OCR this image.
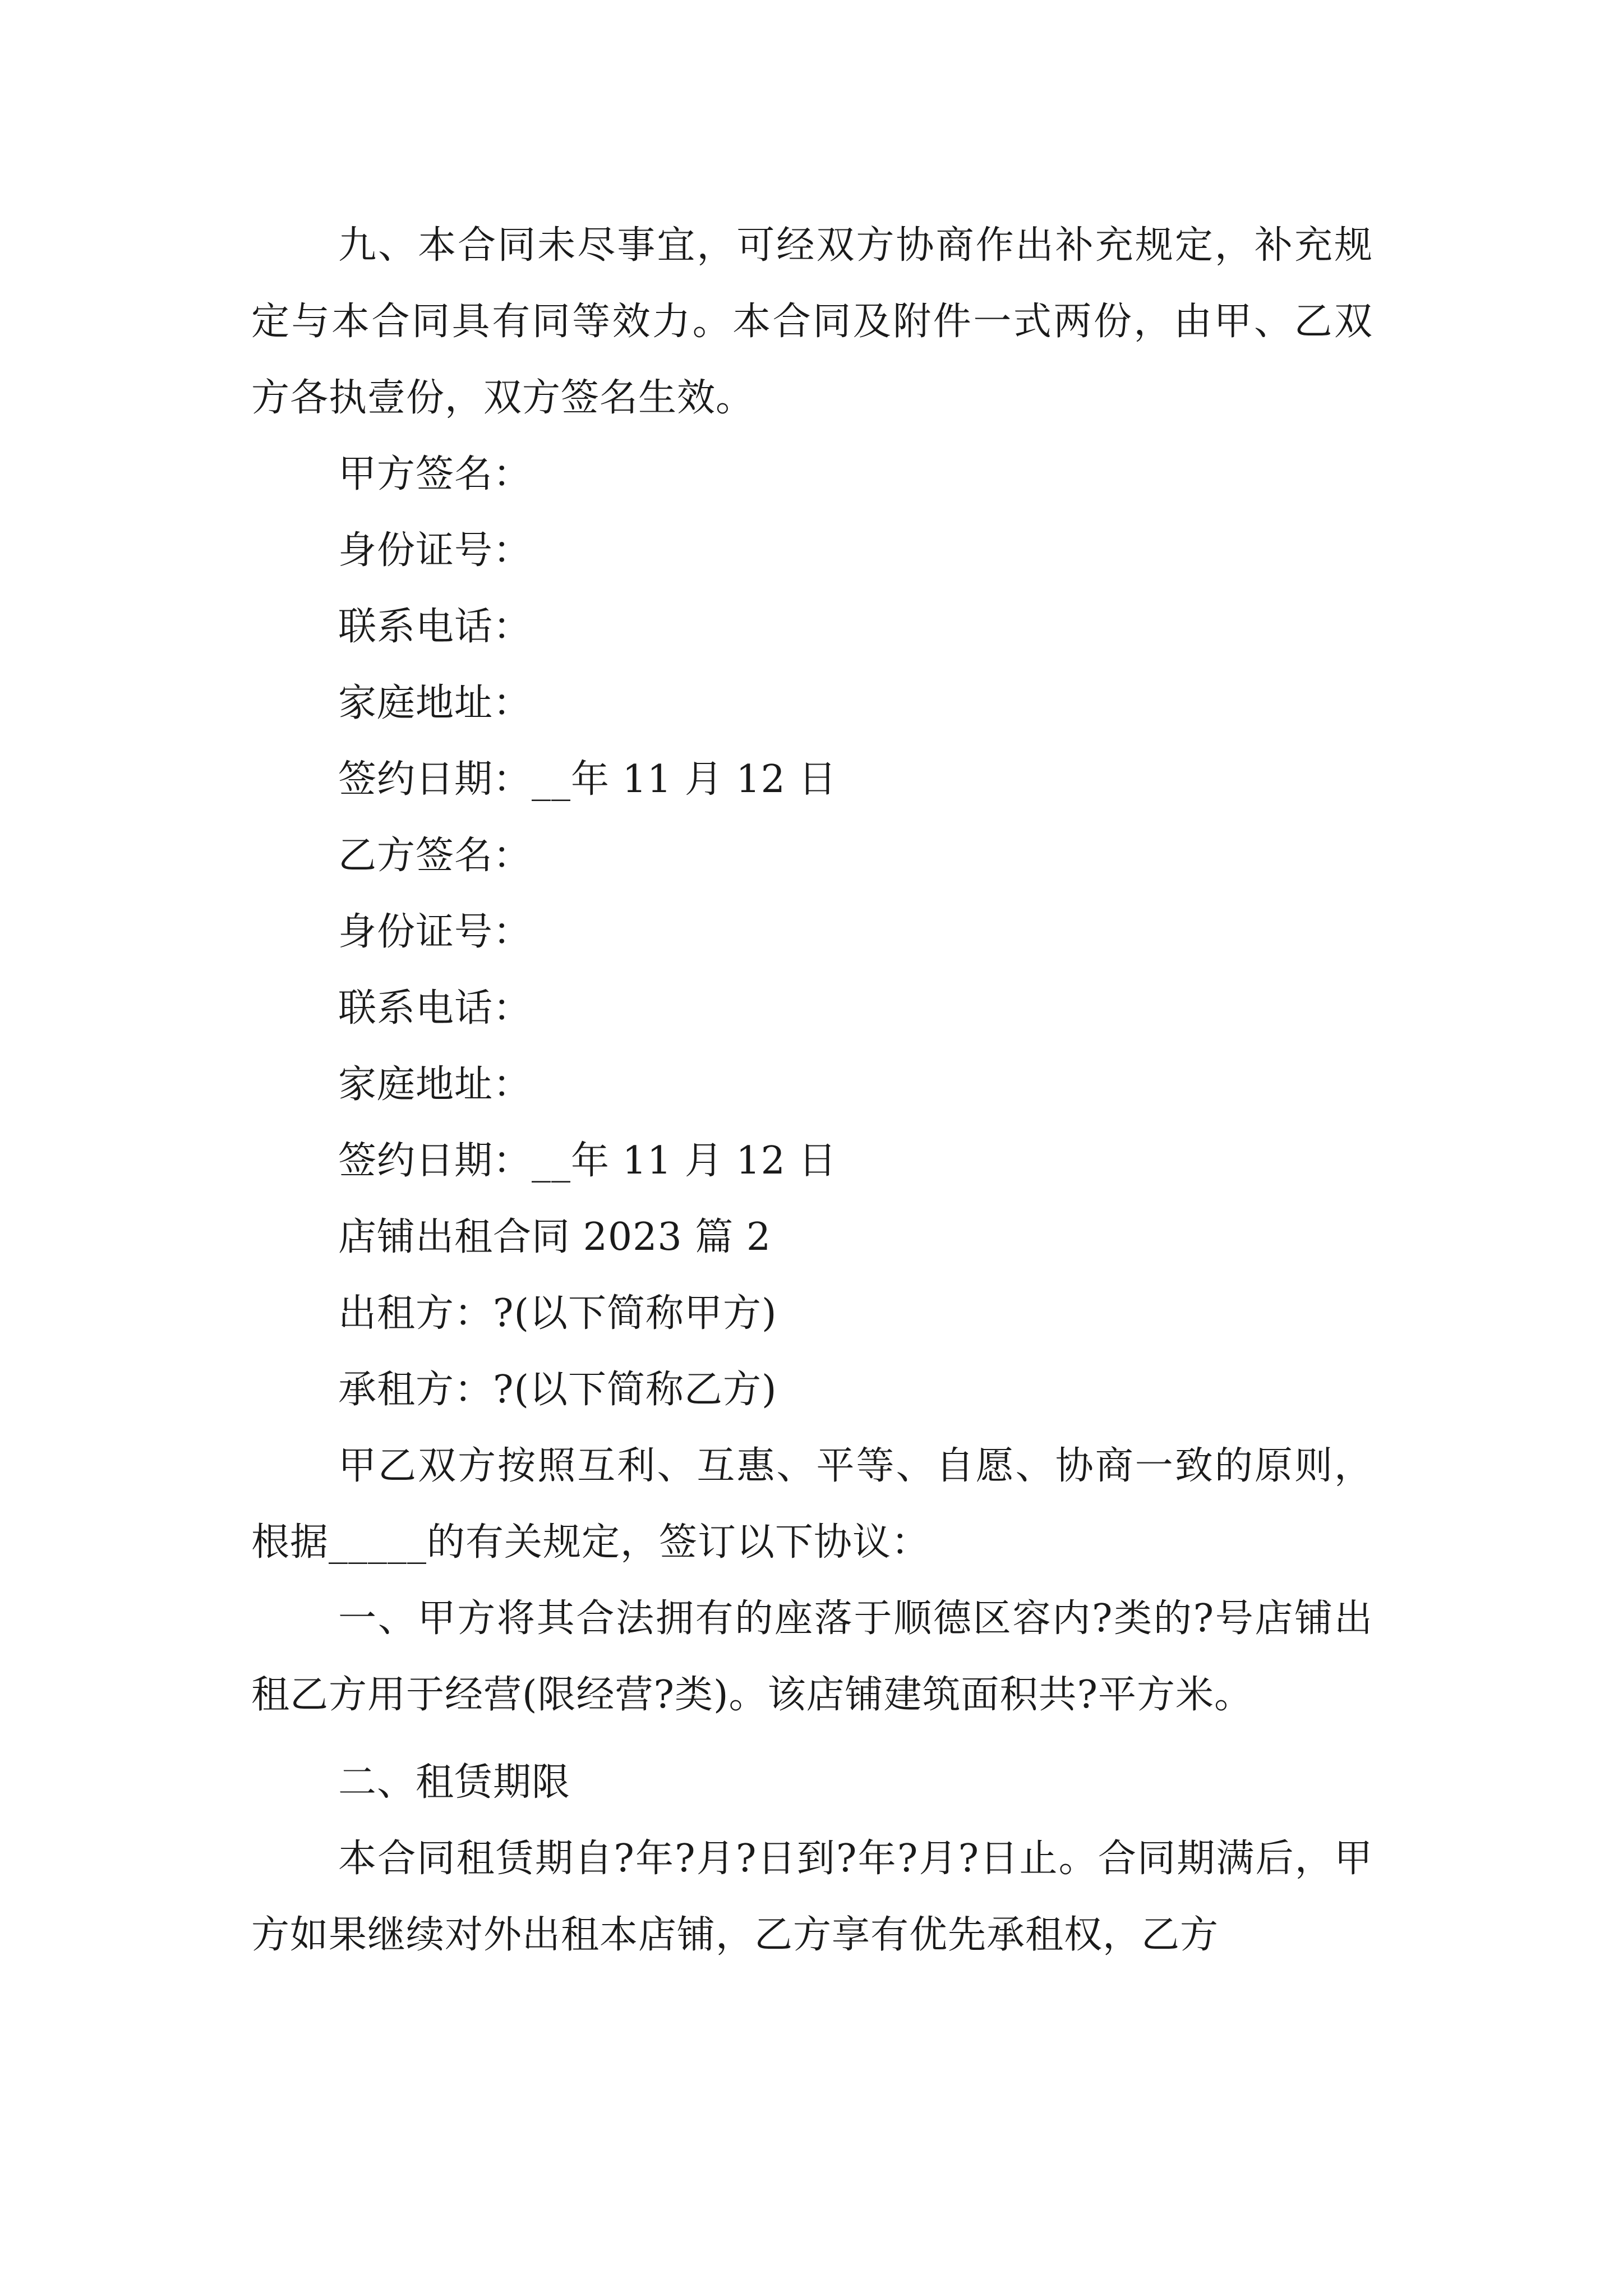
九、本合同未尽事宜，可经双方协商作出补充规定，补充规定与本合同具有同等效力。本合同及附件一式两份，由甲、乙双方各执壹份，双方签名生效。

甲方签名：

身份证号：

联系电话：

家庭地址：

签约日期：__年 11 月 12 日

乙方签名：

身份证号：

联系电话：

家庭地址：

签约日期：__年 11 月 12 日

店铺出租合同 2023 篇 2

出租方：?(以下简称甲方)

承租方：?(以下简称乙方)

甲乙双方按照互利、互惠、平等、自愿、协商一致的原则，根据_____的有关规定，签订以下协议：

一、甲方将其合法拥有的座落于顺德区容内?类的?号店铺出租乙方用于经营(限经营?类)。该店铺建筑面积共?平方米。

二、租赁期限

本合同租赁期自?年?月?日到?年?月?日止。合同期满后，甲方如果继续对外出租本店铺，乙方享有优先承租权，乙方
